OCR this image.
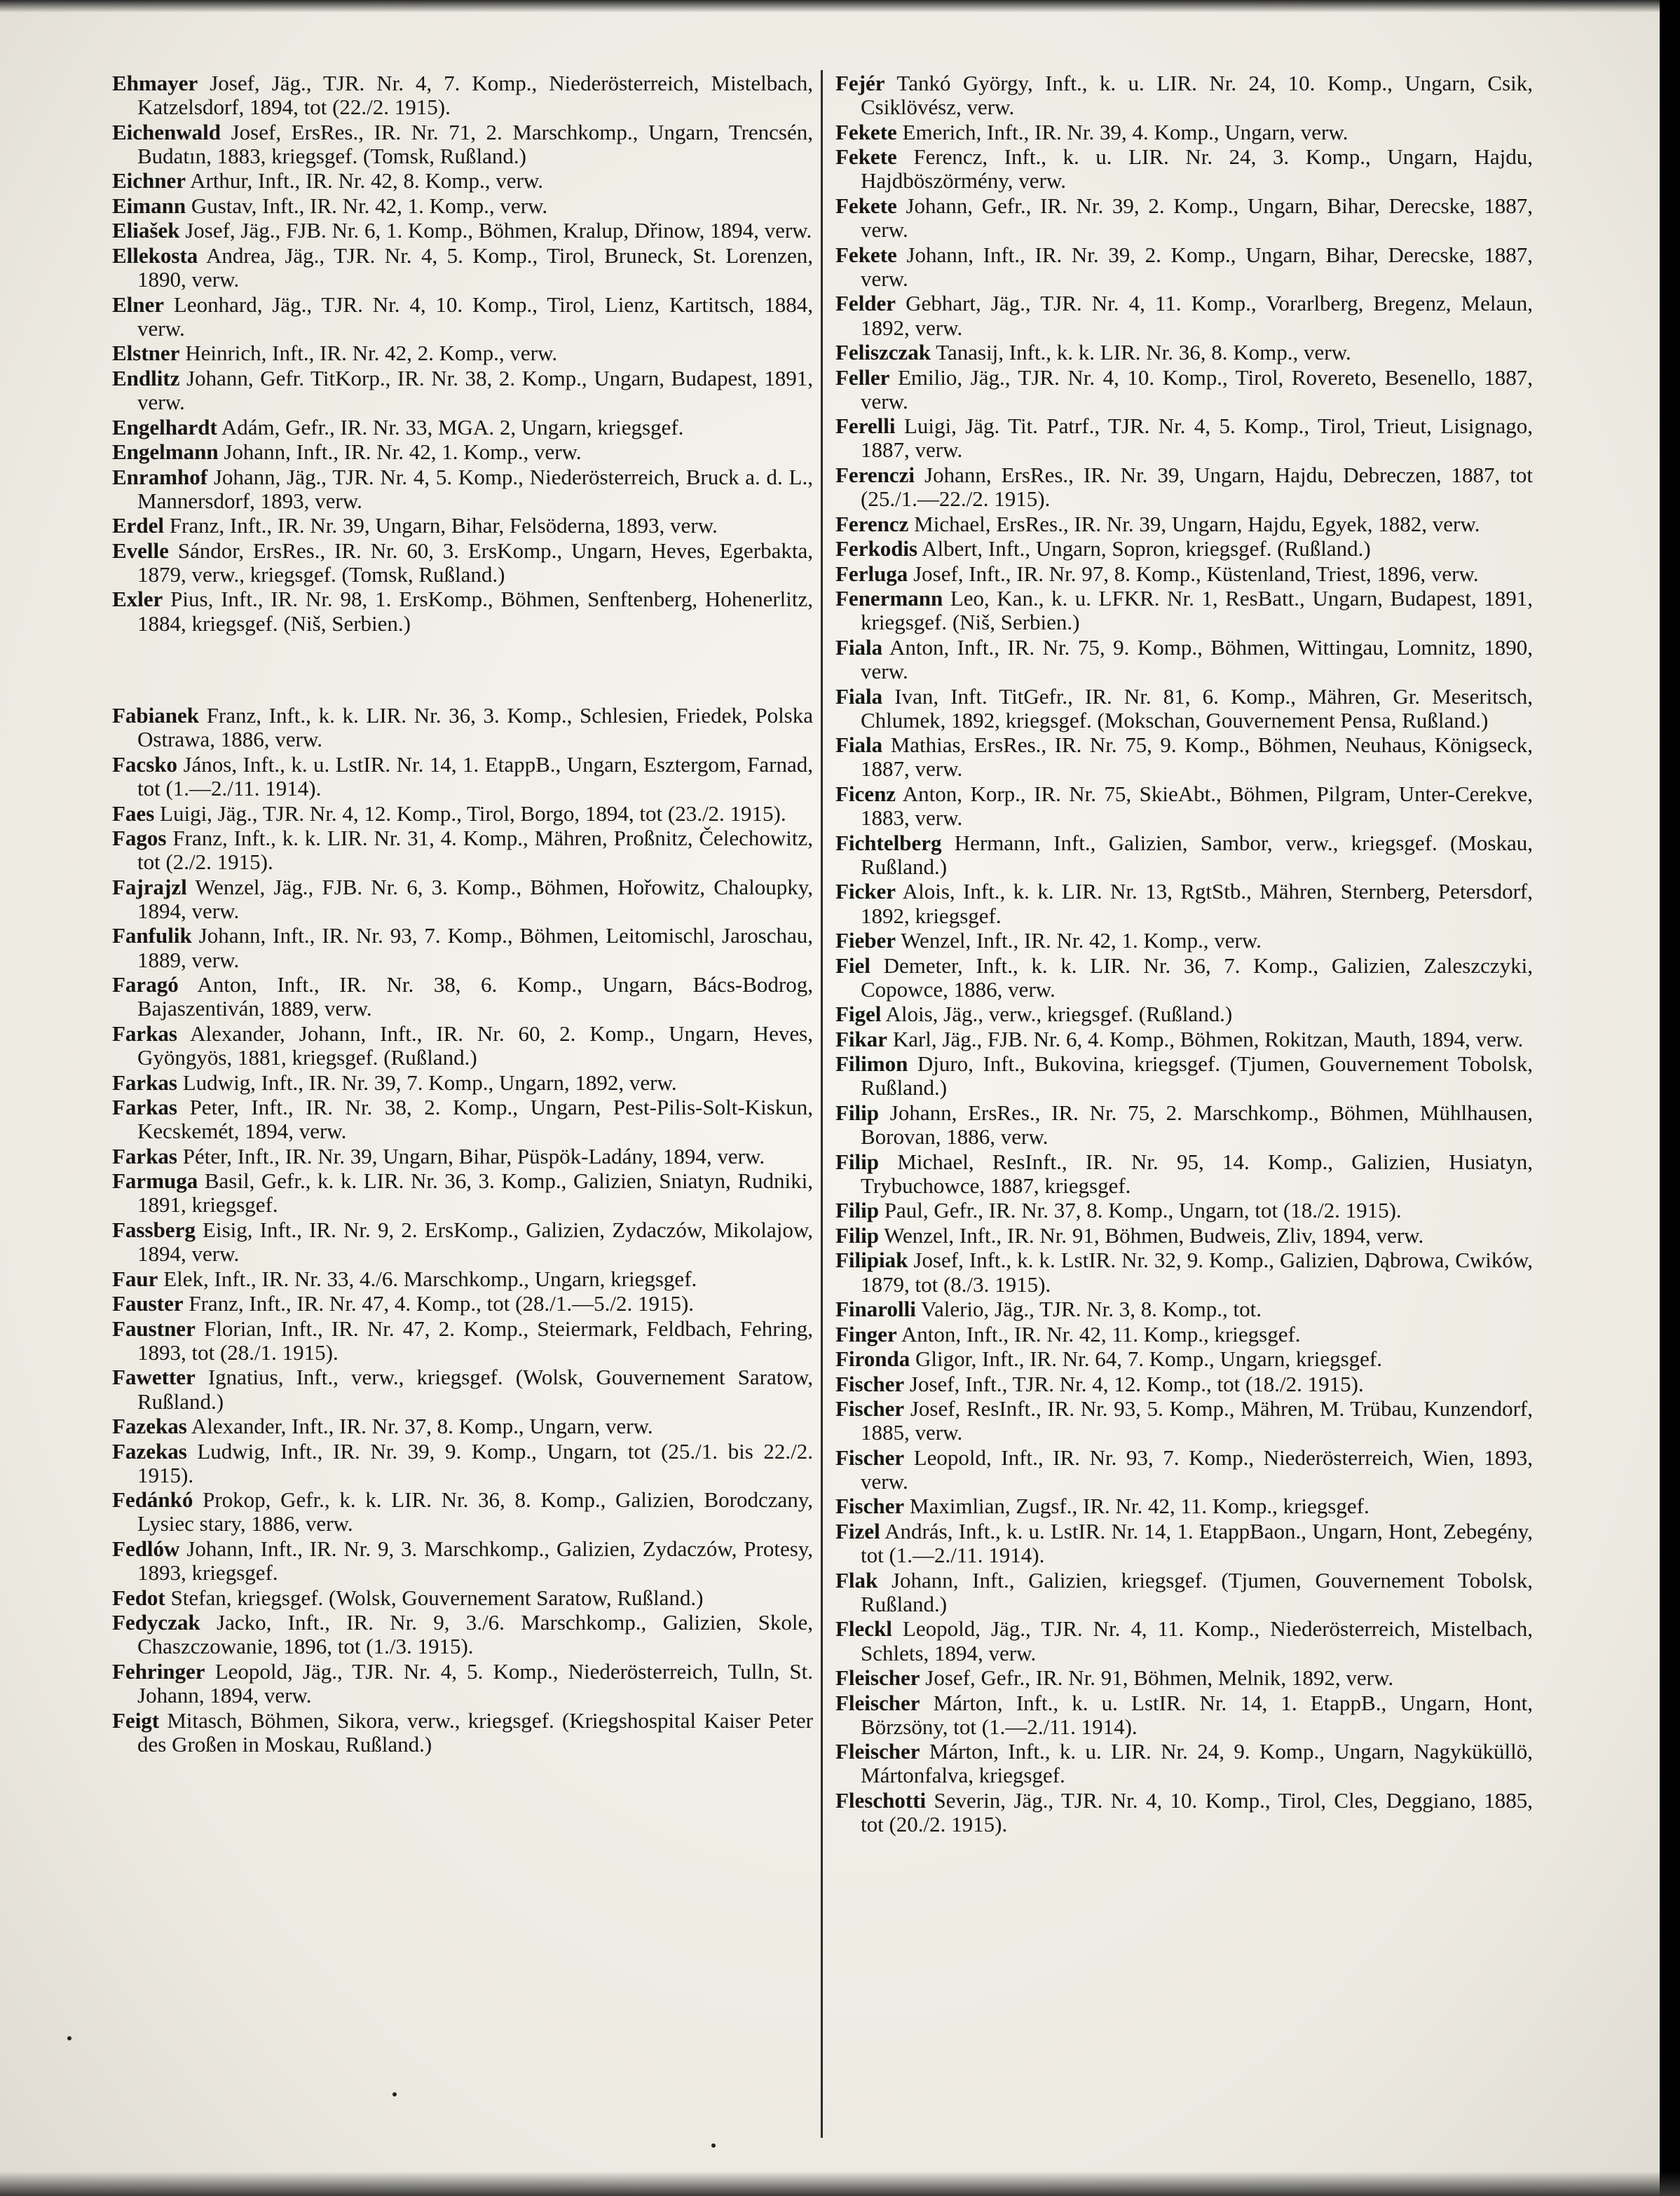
Ehmayer Josef, Jäg., TJR. Nr. 4, 7. Komp., Niederösterreich, Mistelbach, Katzelsdorf, 1894, tot (22./2. 1915).

Eichenwald Josef, ErsRes., IR. Nr. 71, 2. Marschkomp., Ungarn, Trencsén, Budatın, 1883, kriegsgef. (Tomsk, Rußland.)

Eichner Arthur, Inft., IR. Nr. 42, 8. Komp., verw.

Eimann Gustav, Inft., IR. Nr. 42, 1. Komp., verw.

Eliašek Josef, Jäg., FJB. Nr. 6, 1. Komp., Böhmen, Kralup, Dřinow, 1894, verw.

Ellekosta Andrea, Jäg., TJR. Nr. 4, 5. Komp., Tirol, Bruneck, St. Lorenzen, 1890, verw.

Elner Leonhard, Jäg., TJR. Nr. 4, 10. Komp., Tirol, Lienz, Kartitsch, 1884, verw.

Elstner Heinrich, Inft., IR. Nr. 42, 2. Komp., verw.

Endlitz Johann, Gefr. TitKorp., IR. Nr. 38, 2. Komp., Ungarn, Budapest, 1891, verw.

Engelhardt Adám, Gefr., IR. Nr. 33, MGA. 2, Ungarn, kriegsgef.

Engelmann Johann, Inft., IR. Nr. 42, 1. Komp., verw.

Enramhof Johann, Jäg., TJR. Nr. 4, 5. Komp., Niederösterreich, Bruck a. d. L., Mannersdorf, 1893, verw.

Erdel Franz, Inft., IR. Nr. 39, Ungarn, Bihar, Felsöderna, 1893, verw.

Evelle Sándor, ErsRes., IR. Nr. 60, 3. ErsKomp., Ungarn, Heves, Egerbakta, 1879, verw., kriegsgef. (Tomsk, Rußland.)

Exler Pius, Inft., IR. Nr. 98, 1. ErsKomp., Böhmen, Senftenberg, Hohenerlitz, 1884, kriegsgef. (Niš, Serbien.)

Fabianek Franz, Inft., k. k. LIR. Nr. 36, 3. Komp., Schlesien, Friedek, Polska Ostrawa, 1886, verw.

Facsko János, Inft., k. u. LstIR. Nr. 14, 1. EtappB., Ungarn, Esztergom, Farnad, tot (1.—2./11. 1914).

Faes Luigi, Jäg., TJR. Nr. 4, 12. Komp., Tirol, Borgo, 1894, tot (23./2. 1915).

Fagos Franz, Inft., k. k. LIR. Nr. 31, 4. Komp., Mähren, Proßnitz, Čelechowitz, tot (2./2. 1915).

Fajrajzl Wenzel, Jäg., FJB. Nr. 6, 3. Komp., Böhmen, Hořowitz, Chaloupky, 1894, verw.

Fanfulik Johann, Inft., IR. Nr. 93, 7. Komp., Böhmen, Leitomischl, Jaroschau, 1889, verw.

Faragó Anton, Inft., IR. Nr. 38, 6. Komp., Ungarn, Bács-Bodrog, Bajaszentiván, 1889, verw.

Farkas Alexander, Johann, Inft., IR. Nr. 60, 2. Komp., Ungarn, Heves, Gyöngyös, 1881, kriegsgef. (Rußland.)

Farkas Ludwig, Inft., IR. Nr. 39, 7. Komp., Ungarn, 1892, verw.

Farkas Peter, Inft., IR. Nr. 38, 2. Komp., Ungarn, Pest-Pilis-Solt-Kiskun, Kecskemét, 1894, verw.

Farkas Péter, Inft., IR. Nr. 39, Ungarn, Bihar, Püspök-Ladány, 1894, verw.

Farmuga Basil, Gefr., k. k. LIR. Nr. 36, 3. Komp., Galizien, Sniatyn, Rudniki, 1891, kriegsgef.

Fassberg Eisig, Inft., IR. Nr. 9, 2. ErsKomp., Galizien, Zydaczów, Mikolajow, 1894, verw.

Faur Elek, Inft., IR. Nr. 33, 4./6. Marschkomp., Ungarn, kriegsgef.

Fauster Franz, Inft., IR. Nr. 47, 4. Komp., tot (28./1.—5./2. 1915).

Faustner Florian, Inft., IR. Nr. 47, 2. Komp., Steiermark, Feldbach, Fehring, 1893, tot (28./1. 1915).

Fawetter Ignatius, Inft., verw., kriegsgef. (Wolsk, Gouvernement Saratow, Rußland.)

Fazekas Alexander, Inft., IR. Nr. 37, 8. Komp., Ungarn, verw.

Fazekas Ludwig, Inft., IR. Nr. 39, 9. Komp., Ungarn, tot (25./1. bis 22./2. 1915).

Fedánkó Prokop, Gefr., k. k. LIR. Nr. 36, 8. Komp., Galizien, Borodczany, Lysiec stary, 1886, verw.

Fedlów Johann, Inft., IR. Nr. 9, 3. Marschkomp., Galizien, Zydaczów, Protesy, 1893, kriegsgef.

Fedot Stefan, kriegsgef. (Wolsk, Gouvernement Saratow, Rußland.)

Fedyczak Jacko, Inft., IR. Nr. 9, 3./6. Marschkomp., Galizien, Skole, Chaszczowanie, 1896, tot (1./3. 1915).

Fehringer Leopold, Jäg., TJR. Nr. 4, 5. Komp., Niederösterreich, Tulln, St. Johann, 1894, verw.

Feigt Mitasch, Böhmen, Sikora, verw., kriegsgef. (Kriegshospital Kaiser Peter des Großen in Moskau, Rußland.)

Fejér Tankó György, Inft., k. u. LIR. Nr. 24, 10. Komp., Ungarn, Csik, Csiklövész, verw.

Fekete Emerich, Inft., IR. Nr. 39, 4. Komp., Ungarn, verw.

Fekete Ferencz, Inft., k. u. LIR. Nr. 24, 3. Komp., Ungarn, Hajdu, Hajdböszörmény, verw.

Fekete Johann, Gefr., IR. Nr. 39, 2. Komp., Ungarn, Bihar, Derecske, 1887, verw.

Fekete Johann, Inft., IR. Nr. 39, 2. Komp., Ungarn, Bihar, Derecske, 1887, verw.

Felder Gebhart, Jäg., TJR. Nr. 4, 11. Komp., Vorarlberg, Bregenz, Melaun, 1892, verw.

Feliszczak Tanasij, Inft., k. k. LIR. Nr. 36, 8. Komp., verw.

Feller Emilio, Jäg., TJR. Nr. 4, 10. Komp., Tirol, Rovereto, Besenello, 1887, verw.

Ferelli Luigi, Jäg. Tit. Patrf., TJR. Nr. 4, 5. Komp., Tirol, Trieut, Lisignago, 1887, verw.

Ferenczi Johann, ErsRes., IR. Nr. 39, Ungarn, Hajdu, Debreczen, 1887, tot (25./1.—22./2. 1915).

Ferencz Michael, ErsRes., IR. Nr. 39, Ungarn, Hajdu, Egyek, 1882, verw.

Ferkodis Albert, Inft., Ungarn, Sopron, kriegsgef. (Rußland.)

Ferluga Josef, Inft., IR. Nr. 97, 8. Komp., Küstenland, Triest, 1896, verw.

Fenermann Leo, Kan., k. u. LFKR. Nr. 1, ResBatt., Ungarn, Budapest, 1891, kriegsgef. (Niš, Serbien.)

Fiala Anton, Inft., IR. Nr. 75, 9. Komp., Böhmen, Wittingau, Lomnitz, 1890, verw.

Fiala Ivan, Inft. TitGefr., IR. Nr. 81, 6. Komp., Mähren, Gr. Meseritsch, Chlumek, 1892, kriegsgef. (Mokschan, Gouvernement Pensa, Rußland.)

Fiala Mathias, ErsRes., IR. Nr. 75, 9. Komp., Böhmen, Neuhaus, Königseck, 1887, verw.

Ficenz Anton, Korp., IR. Nr. 75, SkieAbt., Böhmen, Pilgram, Unter-Cerekve, 1883, verw.

Fichtelberg Hermann, Inft., Galizien, Sambor, verw., kriegsgef. (Moskau, Rußland.)

Ficker Alois, Inft., k. k. LIR. Nr. 13, RgtStb., Mähren, Sternberg, Petersdorf, 1892, kriegsgef.

Fieber Wenzel, Inft., IR. Nr. 42, 1. Komp., verw.

Fiel Demeter, Inft., k. k. LIR. Nr. 36, 7. Komp., Galizien, Zaleszczyki, Copowce, 1886, verw.

Figel Alois, Jäg., verw., kriegsgef. (Rußland.)

Fikar Karl, Jäg., FJB. Nr. 6, 4. Komp., Böhmen, Rokitzan, Mauth, 1894, verw.

Filimon Djuro, Inft., Bukovina, kriegsgef. (Tjumen, Gouvernement Tobolsk, Rußland.)

Filip Johann, ErsRes., IR. Nr. 75, 2. Marschkomp., Böhmen, Mühlhausen, Borovan, 1886, verw.

Filip Michael, ResInft., IR. Nr. 95, 14. Komp., Galizien, Husiatyn, Trybuchowce, 1887, kriegsgef.

Filip Paul, Gefr., IR. Nr. 37, 8. Komp., Ungarn, tot (18./2. 1915).

Filip Wenzel, Inft., IR. Nr. 91, Böhmen, Budweis, Zliv, 1894, verw.

Filipiak Josef, Inft., k. k. LstIR. Nr. 32, 9. Komp., Galizien, Dąbrowa, Cwików, 1879, tot (8./3. 1915).

Finarolli Valerio, Jäg., TJR. Nr. 3, 8. Komp., tot.

Finger Anton, Inft., IR. Nr. 42, 11. Komp., kriegsgef.

Fironda Gligor, Inft., IR. Nr. 64, 7. Komp., Ungarn, kriegsgef.

Fischer Josef, Inft., TJR. Nr. 4, 12. Komp., tot (18./2. 1915).

Fischer Josef, ResInft., IR. Nr. 93, 5. Komp., Mähren, M. Trübau, Kunzendorf, 1885, verw.

Fischer Leopold, Inft., IR. Nr. 93, 7. Komp., Niederösterreich, Wien, 1893, verw.

Fischer Maximlian, Zugsf., IR. Nr. 42, 11. Komp., kriegsgef.

Fizel András, Inft., k. u. LstIR. Nr. 14, 1. EtappBaon., Ungarn, Hont, Zebegény, tot (1.—2./11. 1914).

Flak Johann, Inft., Galizien, kriegsgef. (Tjumen, Gouvernement Tobolsk, Rußland.)

Fleckl Leopold, Jäg., TJR. Nr. 4, 11. Komp., Niederösterreich, Mistelbach, Schlets, 1894, verw.

Fleischer Josef, Gefr., IR. Nr. 91, Böhmen, Melnik, 1892, verw.

Fleischer Márton, Inft., k. u. LstIR. Nr. 14, 1. EtappB., Ungarn, Hont, Börzsöny, tot (1.—2./11. 1914).

Fleischer Márton, Inft., k. u. LIR. Nr. 24, 9. Komp., Ungarn, Nagyküküllö, Mártonfalva, kriegsgef.

Fleschotti Severin, Jäg., TJR. Nr. 4, 10. Komp., Tirol, Cles, Deggiano, 1885, tot (20./2. 1915).
